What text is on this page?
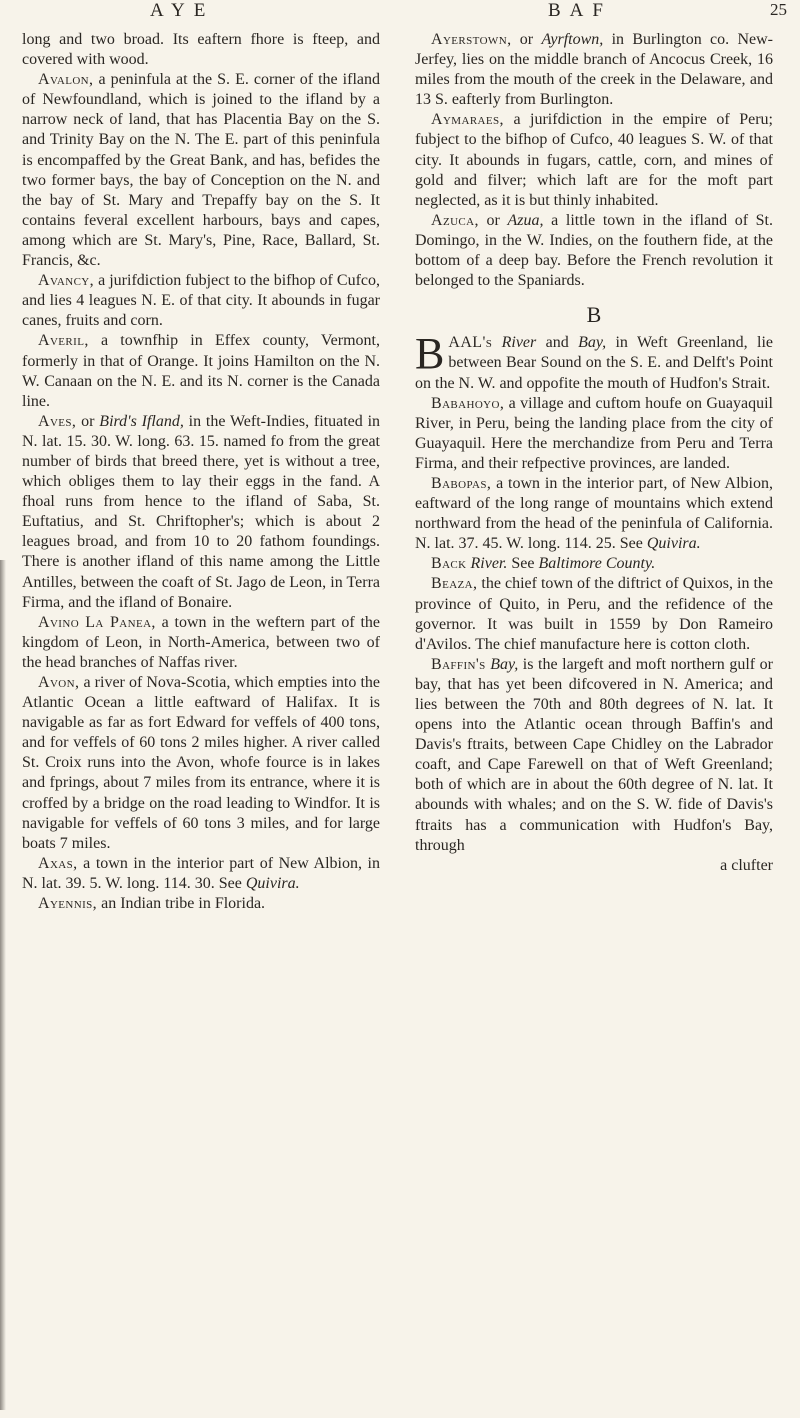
AYE	BAF	25

long and two broad. Its eaftern fhore is fteep, and covered with wood.

Avalon, a peninfula at the S. E. corner of the ifland of Newfoundland, which is joined to the ifland by a narrow neck of land, that has Placentia Bay on the S. and Trinity Bay on the N. The E. part of this peninfula is encompaffed by the Great Bank, and has, befides the two former bays, the bay of Conception on the N. and the bay of St. Mary and Trepaffy bay on the S. It contains feveral excellent harbours, bays and capes, among which are St. Mary's, Pine, Race, Ballard, St. Francis, &c.

Avancy, a jurifdiction fubject to the bifhop of Cufco, and lies 4 leagues N. E. of that city. It abounds in fugar canes, fruits and corn.

Averil, a townfhip in Effex county, Vermont, formerly in that of Orange. It joins Hamilton on the N. W. Canaan on the N. E. and its N. corner is the Canada line.

Aves, or Bird's Ifland, in the Weft-Indies, fituated in N. lat. 15. 30. W. long. 63. 15. named fo from the great number of birds that breed there, yet is without a tree, which obliges them to lay their eggs in the fand. A fhoal runs from hence to the ifland of Saba, St. Euftatius, and St. Chriftopher's; which is about 2 leagues broad, and from 10 to 20 fathom foundings. There is another ifland of this name among the Little Antilles, between the coaft of St. Jago de Leon, in Terra Firma, and the ifland of Bonaire.

Avino La Panea, a town in the weftern part of the kingdom of Leon, in North-America, between two of the head branches of Naffas river.

Avon, a river of Nova-Scotia, which empties into the Atlantic Ocean a little eaftward of Halifax. It is navigable as far as fort Edward for veffels of 400 tons, and for veffels of 60 tons 2 miles higher. A river called St. Croix runs into the Avon, whofe fource is in lakes and fprings, about 7 miles from its entrance, where it is croffed by a bridge on the road leading to Windfor. It is navigable for veffels of 60 tons 3 miles, and for large boats 7 miles.

Axas, a town in the interior part of New Albion, in N. lat. 39. 5. W. long. 114. 30. See Quivira.

Ayennis, an Indian tribe in Florida.

Ayerstown, or Ayrftown, in Burlington co. New-Jerfey, lies on the middle branch of Ancocus Creek, 16 miles from the mouth of the creek in the Delaware, and 13 S. eafterly from Burlington.

Aymaraes, a jurifdiction in the empire of Peru; fubject to the bifhop of Cufco, 40 leagues S. W. of that city. It abounds in fugars, cattle, corn, and mines of gold and filver; which laft are for the moft part neglected, as it is but thinly inhabited.

Azuca, or Azua, a little town in the ifland of St. Domingo, in the W. Indies, on the fouthern fide, at the bottom of a deep bay. Before the French revolution it belonged to the Spaniards.

B

BAAL's River and Bay, in Weft Greenland, lie between Bear Sound on the S. E. and Delft's Point on the N. W. and oppofite the mouth of Hudfon's Strait.

Babahoyo, a village and cuftom houfe on Guayaquil River, in Peru, being the landing place from the city of Guayaquil. Here the merchandize from Peru and Terra Firma, and their refpective provinces, are landed.

Babopas, a town in the interior part, of New Albion, eaftward of the long range of mountains which extend northward from the head of the peninfula of California. N. lat. 37. 45. W. long. 114. 25. See Quivira.

Back River. See Baltimore County.

Beaza, the chief town of the diftrict of Quixos, in the province of Quito, in Peru, and the refidence of the governor. It was built in 1559 by Don Rameiro d'Avilos. The chief manufacture here is cotton cloth.

Baffin's Bay, is the largeft and moft northern gulf or bay, that has yet been difcovered in N. America; and lies between the 70th and 80th degrees of N. lat. It opens into the Atlantic ocean through Baffin's and Davis's ftraits, between Cape Chidley on the Labrador coaft, and Cape Farewell on that of Weft Greenland; both of which are in about the 60th degree of N. lat. It abounds with whales; and on the S. W. fide of Davis's ftraits has a communication with Hudfon's Bay, through

a clufter
